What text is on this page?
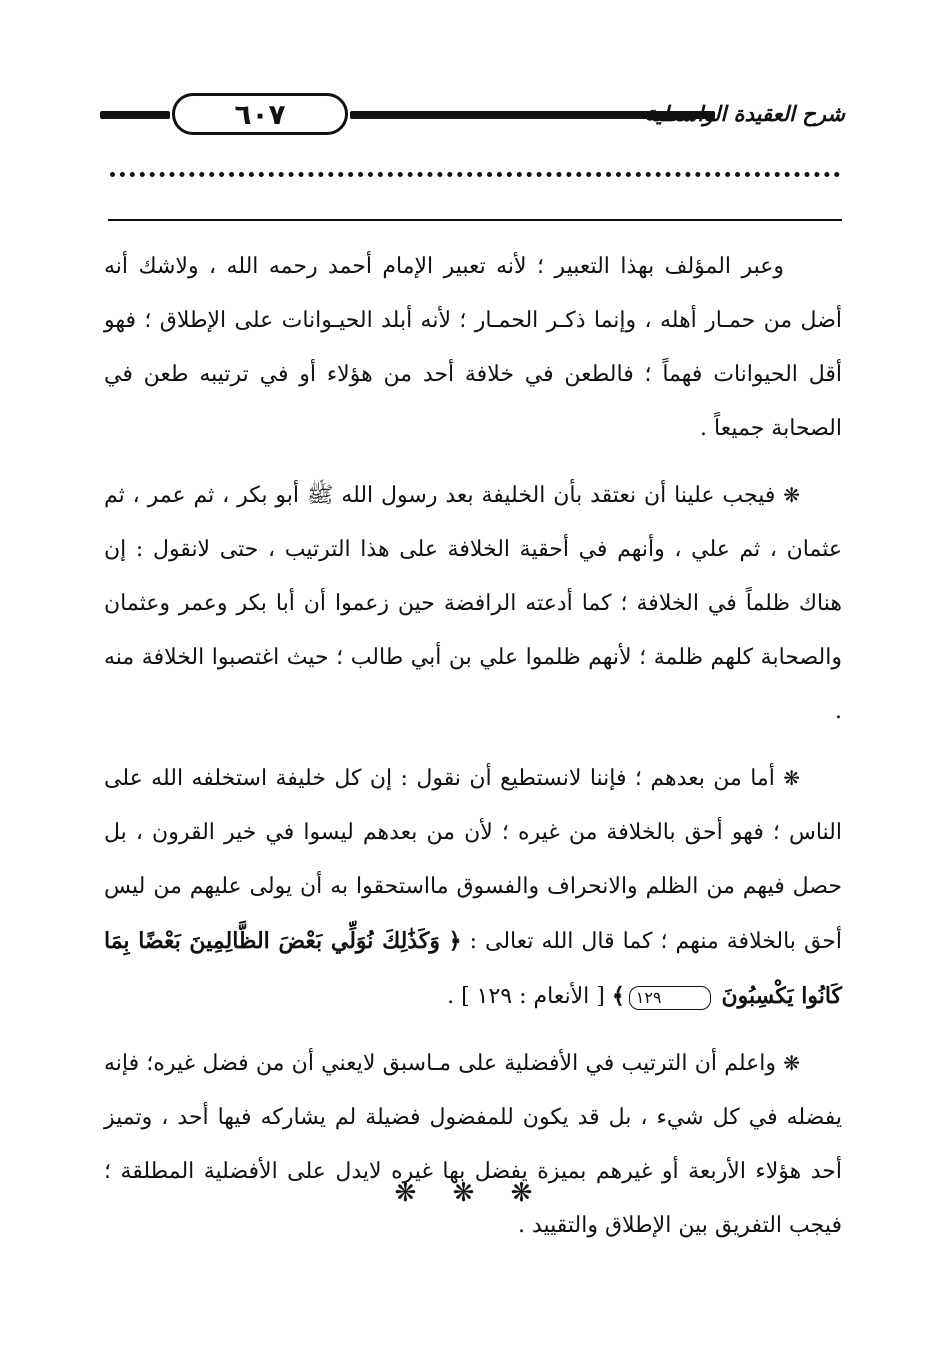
٦٠٧	شرح العقيدة الواسطية

وعبر المؤلف بهذا التعبير ؛ لأنه تعبير الإمام أحمد رحمه الله ، ولاشك أنه أضل من حمـار أهله ، وإنما ذكـر الحمـار ؛ لأنه أبلد الحيـوانات على الإطلاق ؛ فهو أقل الحيوانات فهماً ؛ فالطعن في خلافة أحد من هؤلاء أو في ترتيبه طعن في الصحابة جميعاً .

❋ فيجب علينا أن نعتقد بأن الخليفة بعد رسول الله ﷺ أبو بكر ، ثم عمر ، ثم عثمان ، ثم علي ، وأنهم في أحقية الخلافة على هذا الترتيب ، حتى لانقول : إن هناك ظلماً في الخلافة ؛ كما أدعته الرافضة حين زعموا أن أبا بكر وعمر وعثمان والصحابة كلهم ظلمة ؛ لأنهم ظلموا علي بن أبي طالب ؛ حيث اغتصبوا الخلافة منه .

❋ أما من بعدهم ؛ فإننا لانستطيع أن نقول : إن كل خليفة استخلفه الله على الناس ؛ فهو أحق بالخلافة من غيره ؛ لأن من بعدهم ليسوا في خير القرون ، بل حصل فيهم من الظلم والانحراف والفسوق مااستحقوا به أن يولى عليهم من ليس أحق بالخلافة منهم ؛ كما قال الله تعالى : ﴿ وَكَذَٰلِكَ نُوَلِّي بَعْضَ الظَّالِمِينَ بَعْضًا بِمَا كَانُوا يَكْسِبُونَ ١٢٩﴾ [ الأنعام : ١٢٩ ] .

❋ واعلم أن الترتيب في الأفضلية على مـاسبق لايعني أن من فضل غيره؛ فإنه يفضله في كل شيء ، بل قد يكون للمفضول فضيلة لم يشاركه فيها أحد ، وتميز أحد هؤلاء الأربعة أو غيرهم بميزة يفضل بها غيره لايدل على الأفضلية المطلقة ؛ فيجب التفريق بين الإطلاق والتقييد .

❋ ❋ ❋
